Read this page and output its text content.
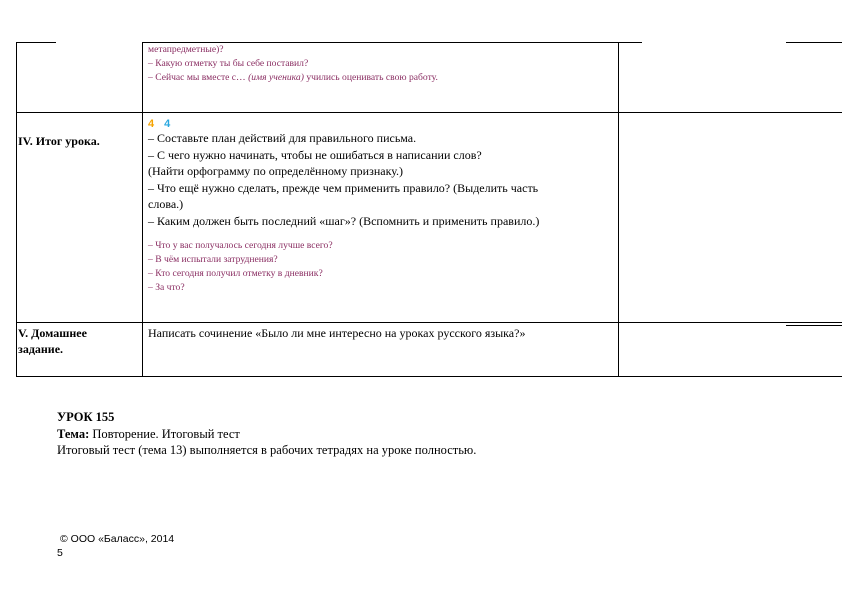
метапредметные)?
– Какую отметку ты бы себе поставил?
– Сейчас мы вместе с… (имя ученика) учились оценивать свою работу.
IV. Итог урока.
4 4
– Составьте план действий для правильного письма.
– С чего нужно начинать, чтобы не ошибаться в написании слов?
(Найти орфограмму по определённому признаку.)
– Что ещё нужно сделать, прежде чем применить правило? (Выделить часть
слова.)
– Каким должен быть последний «шаг»? (Вспомнить и применить правило.)
– Что у вас получалось сегодня лучше всего?
– В чём испытали затруднения?
– Кто сегодня получил отметку в дневник?
– За что?
V. Домашнее
задание.
Написать сочинение «Было ли мне интересно на уроках русского языка?»
УРОК 155
Тема: Повторение. Итоговый тест
Итоговый тест (тема 13) выполняется в рабочих тетрадях на уроке полностью.
© ООО «Баласс», 2014
5
